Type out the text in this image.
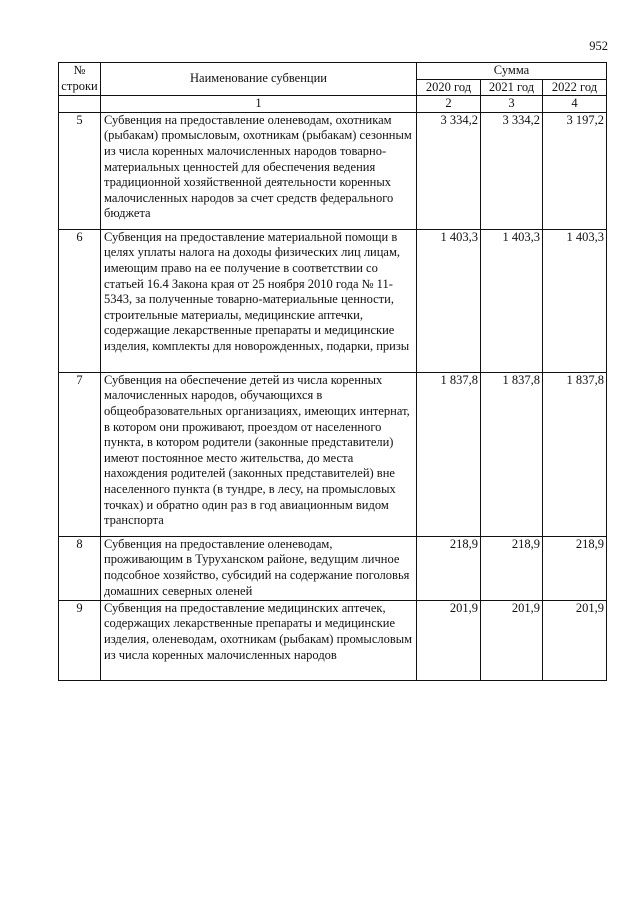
952
№ строки	Наименование субвенции	Сумма		
		2020 год	2021 год	2022 год
	1	2	3	4
5	Субвенция на предоставление оленеводам, охотникам (рыбакам) промысловым, охотникам (рыбакам) сезонным из числа коренных малочисленных народов товарно-материальных ценностей для обеспечения ведения традиционной хозяйственной деятельности коренных малочисленных народов за счет средств федерального бюджета	3 334,2	3 334,2	3 197,2
6	Субвенция на предоставление материальной помощи в целях уплаты налога на доходы физических лиц лицам, имеющим право на ее получение в соответствии со статьей 16.4 Закона края от 25 ноября 2010 года № 11-5343, за полученные товарно-материальные ценности, строительные материалы, медицинские аптечки, содержащие лекарственные препараты и медицинские изделия, комплекты для новорожденных, подарки, призы	1 403,3	1 403,3	1 403,3
7	Субвенция на обеспечение детей из числа коренных малочисленных народов, обучающихся в общеобразовательных организациях, имеющих интернат, в котором они проживают, проездом от населенного пункта, в котором родители (законные представители) имеют постоянное место жительства, до места нахождения родителей (законных представителей) вне населенного пункта (в тундре, в лесу, на промысловых точках) и обратно один раз в год авиационным видом транспорта	1 837,8	1 837,8	1 837,8
8	Субвенция на предоставление оленеводам, проживающим в Туруханском районе, ведущим личное подсобное хозяйство, субсидий на содержание поголовья домашних северных оленей	218,9	218,9	218,9
9	Субвенция на предоставление медицинских аптечек, содержащих лекарственные препараты и медицинские изделия, оленеводам, охотникам (рыбакам) промысловым из числа коренных малочисленных народов	201,9	201,9	201,9
